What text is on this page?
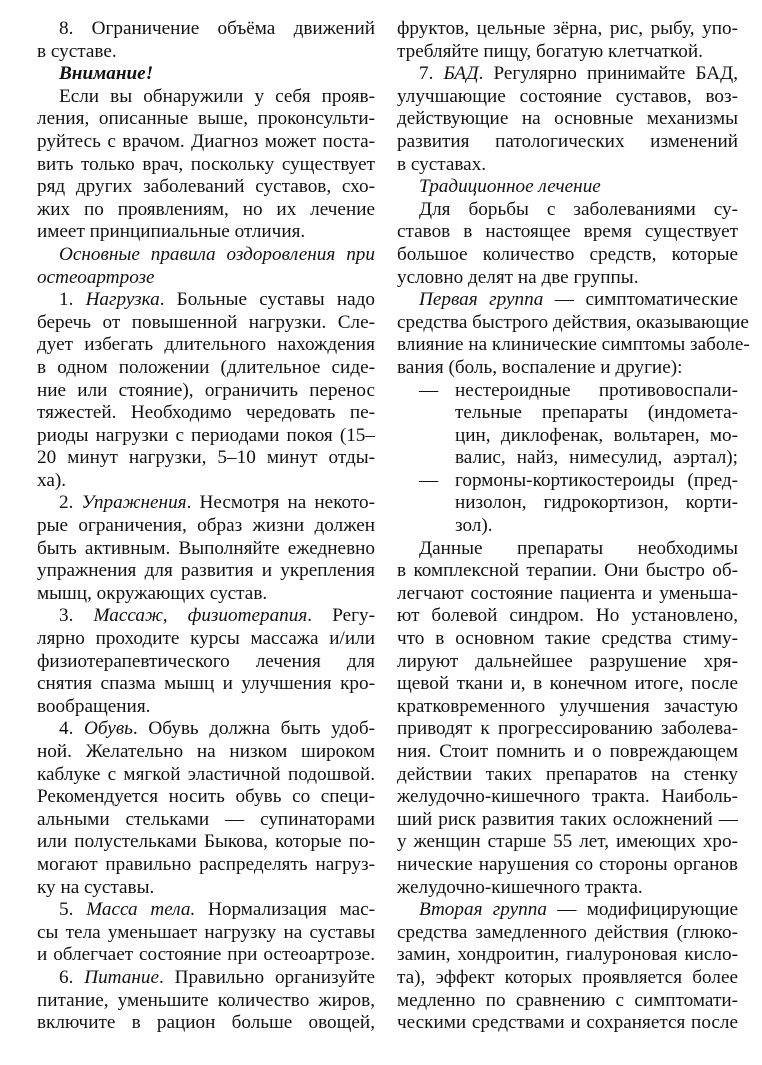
8. Ограничение объёма движений
в суставе.
Внимание!
Если вы обнаружили у себя прояв-
ления, описанные выше, проконсульти-
руйтесь с врачом. Диагноз может поста-
вить только врач, поскольку существует
ряд других заболеваний суставов, схо-
жих по проявлениям, но их лечение
имеет принципиальные отличия.
Основные правила оздоровления при
остеоартрозе
1. Нагрузка. Больные суставы надо
беречь от повышенной нагрузки. Сле-
дует избегать длительного нахождения
в одном положении (длительное сиде-
ние или стояние), ограничить перенос
тяжестей. Необходимо чередовать пе-
риоды нагрузки с периодами покоя (15–
20 минут нагрузки, 5–10 минут отды-
ха).
2. Упражнения. Несмотря на некото-
рые ограничения, образ жизни должен
быть активным. Выполняйте ежедневно
упражнения для развития и укрепления
мышц, окружающих сустав.
3. Массаж, физиотерапия. Регу-
лярно проходите курсы массажа и/или
физиотерапевтического лечения для
снятия спазма мышц и улучшения кро-
вообращения.
4. Обувь. Обувь должна быть удоб-
ной. Желательно на низком широком
каблуке с мягкой эластичной подошвой.
Рекомендуется носить обувь со специ-
альными стельками — супинаторами
или полустельками Быкова, которые по-
могают правильно распределять нагруз-
ку на суставы.
5. Масса тела. Нормализация мас-
сы тела уменьшает нагрузку на суставы
и облегчает состояние при остеоартрозе.
6. Питание. Правильно организуйте
питание, уменьшите количество жиров,
включите в рацион больше овощей,
фруктов, цельные зёрна, рис, рыбу, упо-
требляйте пищу, богатую клетчаткой.
7. БАД. Регулярно принимайте БАД,
улучшающие состояние суставов, воз-
действующие на основные механизмы
развития патологических изменений
в суставах.
Традиционное лечение
Для борьбы с заболеваниями су-
ставов в настоящее время существует
большое количество средств, которые
условно делят на две группы.
Первая группа — симптоматические
средства быстрого действия, оказывающие
влияние на клинические симптомы заболе-
вания (боль, воспаление и другие):
— нестероидные противовоспали-
тельные препараты (индомета-
цин, диклофенак, вольтарен, мо-
валис, найз, нимесулид, аэртал);
— гормоны-кортикостероиды (пред-
низолон, гидрокортизон, корти-
зол).
Данные препараты необходимы
в комплексной терапии. Они быстро об-
легчают состояние пациента и уменьша-
ют болевой синдром. Но установлено,
что в основном такие средства стиму-
лируют дальнейшее разрушение хря-
щевой ткани и, в конечном итоге, после
кратковременного улучшения зачастую
приводят к прогрессированию заболева-
ния. Стоит помнить и о повреждающем
действии таких препаратов на стенку
желудочно-кишечного тракта. Наиболь-
ший риск развития таких осложнений —
у женщин старше 55 лет, имеющих хро-
нические нарушения со стороны органов
желудочно-кишечного тракта.
Вторая группа — модифицирующие
средства замедленного действия (глюко-
замин, хондроитин, гиалуроновая кисло-
та), эффект которых проявляется более
медленно по сравнению с симптомати-
ческими средствами и сохраняется после
